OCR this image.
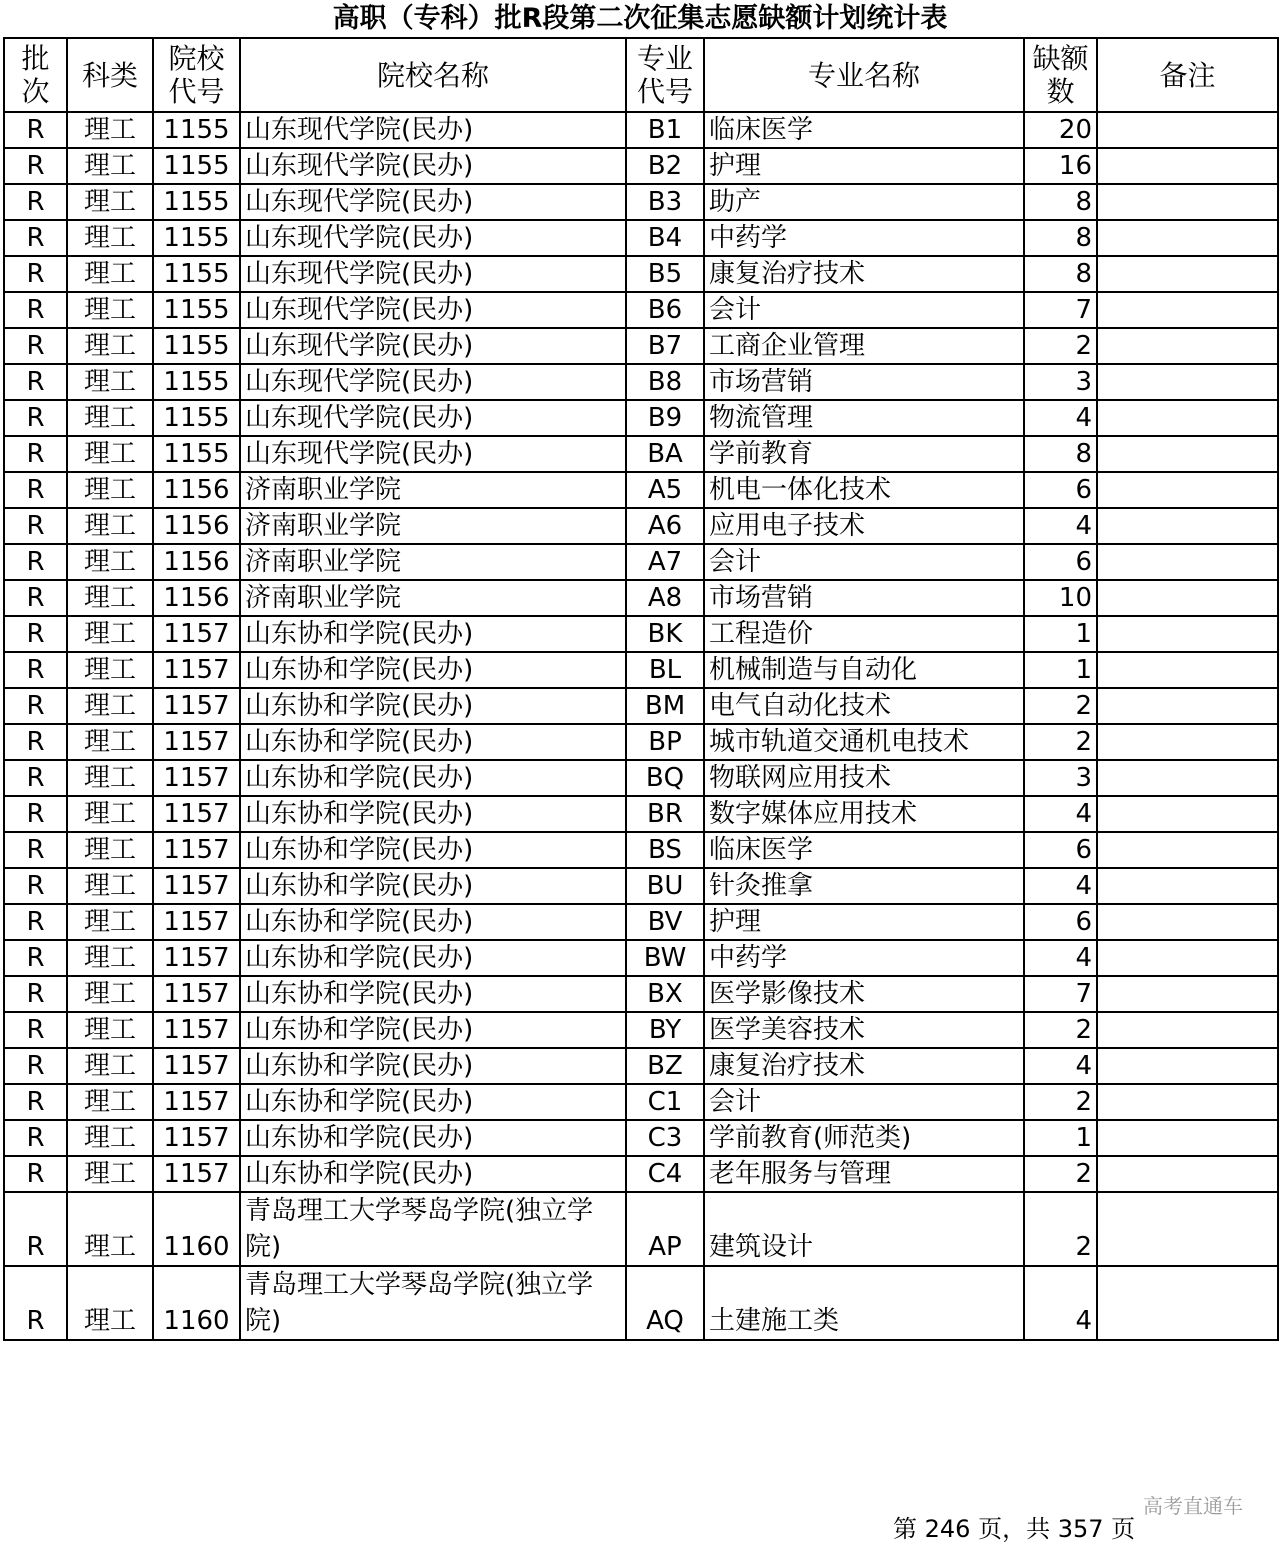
高职（专科）批R段第二次征集志愿缺额计划统计表
批次	科类	院校代号	院校名称	专业代号	专业名称	缺额数	备注
R	理工	1155	山东现代学院(民办)	B1	临床医学	20	
R	理工	1155	山东现代学院(民办)	B2	护理	16	
R	理工	1155	山东现代学院(民办)	B3	助产	8	
R	理工	1155	山东现代学院(民办)	B4	中药学	8	
R	理工	1155	山东现代学院(民办)	B5	康复治疗技术	8	
R	理工	1155	山东现代学院(民办)	B6	会计	7	
R	理工	1155	山东现代学院(民办)	B7	工商企业管理	2	
R	理工	1155	山东现代学院(民办)	B8	市场营销	3	
R	理工	1155	山东现代学院(民办)	B9	物流管理	4	
R	理工	1155	山东现代学院(民办)	BA	学前教育	8	
R	理工	1156	济南职业学院	A5	机电一体化技术	6	
R	理工	1156	济南职业学院	A6	应用电子技术	4	
R	理工	1156	济南职业学院	A7	会计	6	
R	理工	1156	济南职业学院	A8	市场营销	10	
R	理工	1157	山东协和学院(民办)	BK	工程造价	1	
R	理工	1157	山东协和学院(民办)	BL	机械制造与自动化	1	
R	理工	1157	山东协和学院(民办)	BM	电气自动化技术	2	
R	理工	1157	山东协和学院(民办)	BP	城市轨道交通机电技术	2	
R	理工	1157	山东协和学院(民办)	BQ	物联网应用技术	3	
R	理工	1157	山东协和学院(民办)	BR	数字媒体应用技术	4	
R	理工	1157	山东协和学院(民办)	BS	临床医学	6	
R	理工	1157	山东协和学院(民办)	BU	针灸推拿	4	
R	理工	1157	山东协和学院(民办)	BV	护理	6	
R	理工	1157	山东协和学院(民办)	BW	中药学	4	
R	理工	1157	山东协和学院(民办)	BX	医学影像技术	7	
R	理工	1157	山东协和学院(民办)	BY	医学美容技术	2	
R	理工	1157	山东协和学院(民办)	BZ	康复治疗技术	4	
R	理工	1157	山东协和学院(民办)	C1	会计	2	
R	理工	1157	山东协和学院(民办)	C3	学前教育(师范类)	1	
R	理工	1157	山东协和学院(民办)	C4	老年服务与管理	2	
R	理工	1160	青岛理工大学琴岛学院(独立学院)	AP	建筑设计	2	
R	理工	1160	青岛理工大学琴岛学院(独立学院)	AQ	土建施工类	4	
高考直通车
第 246 页，共 357 页
